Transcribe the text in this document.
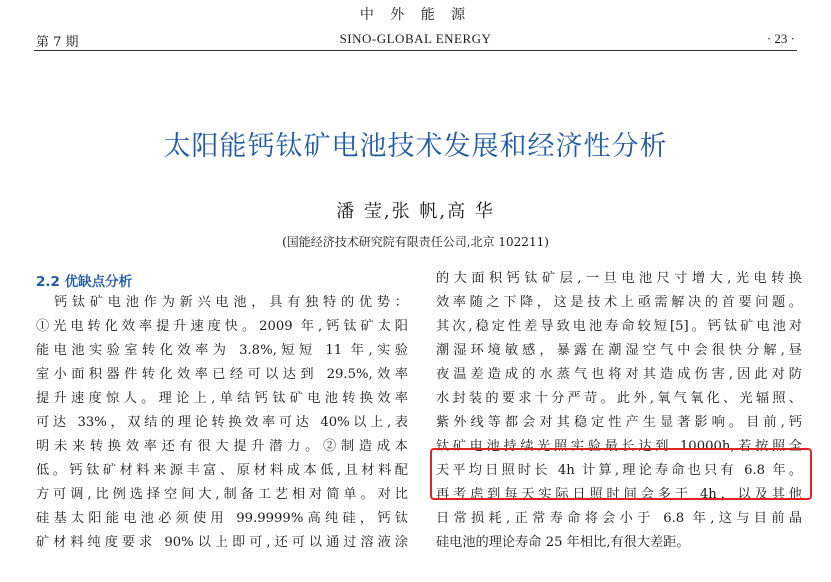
中 外 能 源
第 7 期	SINO-GLOBAL ENERGY	· 23 ·
太阳能钙钛矿电池技术发展和经济性分析
潘 莹,张 帆,高 华
(国能经济技术研究院有限责任公司,北京 102211)
2.2 优缺点分析
　钙钛矿电池作为新兴电池，具有独特的优势：
①光电转化效率提升速度快。2009 年,钙钛矿太阳
能电池实验室转化效率为 3.8%,短短 11 年,实验
室小面积器件转化效率已经可以达到 29.5%,效率
提升速度惊人。理论上,单结钙钛矿电池转换效率
可达 33%，双结的理论转换效率可达 40%以上,表
明未来转换效率还有很大提升潜力。②制造成本
低。钙钛矿材料来源丰富、原材料成本低,且材料配
方可调,比例选择空间大,制备工艺相对简单。对比
硅基太阳能电池必须使用 99.9999%高纯硅，钙钛
矿材料纯度要求 90%以上即可,还可以通过溶液涂
的大面积钙钛矿层,一旦电池尺寸增大,光电转换
效率随之下降，这是技术上亟需解决的首要问题。
其次,稳定性差导致电池寿命较短[5]。钙钛矿电池对
潮湿环境敏感，暴露在潮湿空气中会很快分解,昼
夜温差造成的水蒸气也将对其造成伤害,因此对防
水封装的要求十分严苛。此外,氧气氧化、光辐照、
紫外线等都会对其稳定性产生显著影响。目前,钙
钛矿电池持续光照实验最长达到 10000h,若按照全
天平均日照时长 4h 计算,理论寿命也只有 6.8 年。
再考虑到每天实际日照时间会多于 4h，以及其他
日常损耗,正常寿命将会小于 6.8 年,这与目前晶
硅电池的理论寿命 25 年相比,有很大差距。
